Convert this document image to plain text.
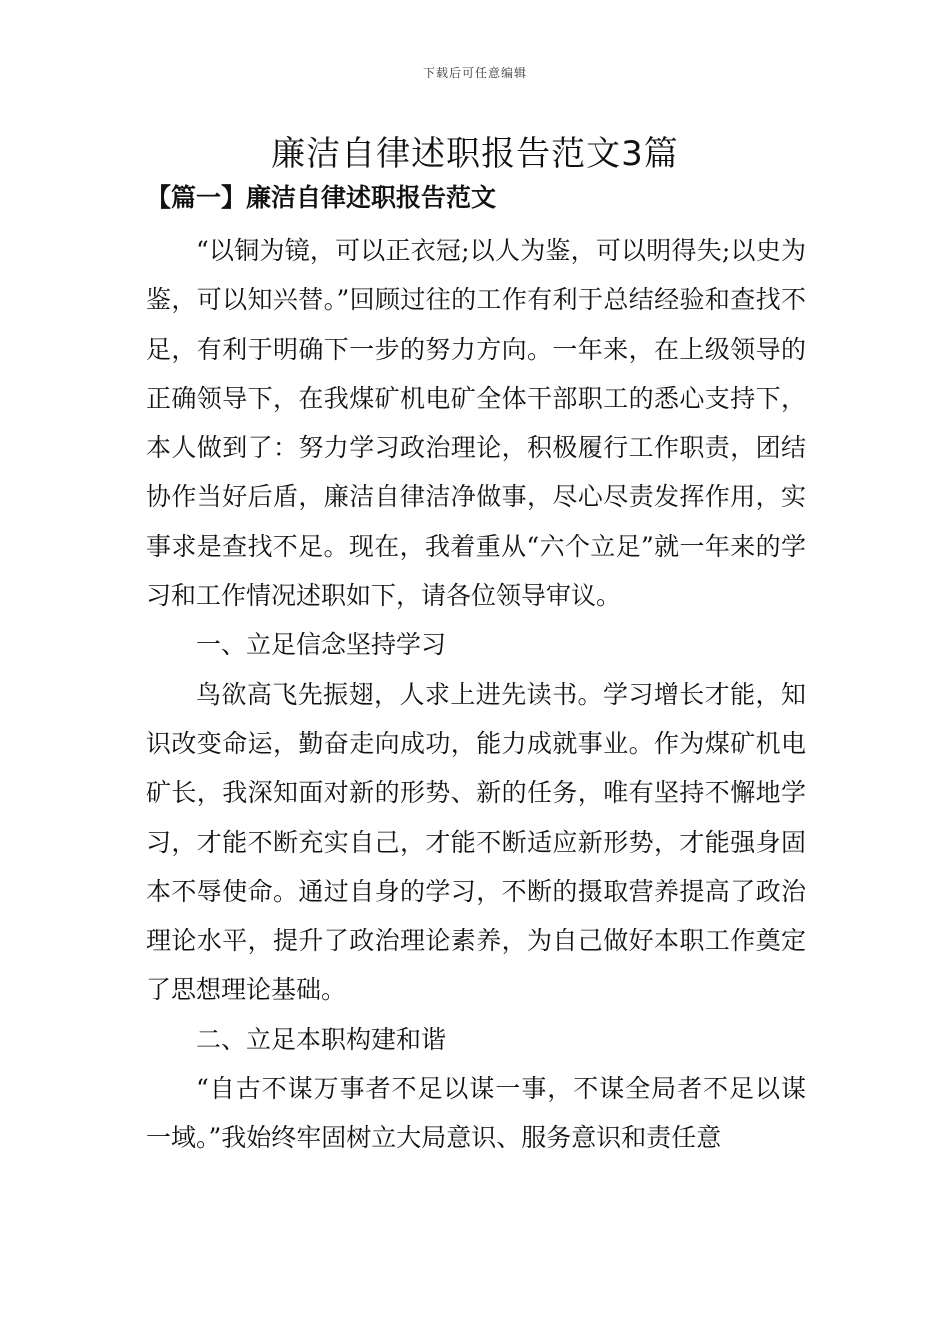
下载后可任意编辑
廉洁自律述职报告范文3篇
【篇一】廉洁自律述职报告范文

“以铜为镜，可以正衣冠;以人为鉴，可以明得失;以史为鉴，可以知兴替。”回顾过往的工作有利于总结经验和查找不足，有利于明确下一步的努力方向。一年来，在上级领导的正确领导下，在我煤矿机电矿全体干部职工的悉心支持下，本人做到了：努力学习政治理论，积极履行工作职责，团结协作当好后盾，廉洁自律洁净做事，尽心尽责发挥作用，实事求是查找不足。现在，我着重从“六个立足”就一年来的学习和工作情况述职如下，请各位领导审议。

一、立足信念坚持学习

鸟欲高飞先振翅，人求上进先读书。学习增长才能，知识改变命运，勤奋走向成功，能力成就事业。作为煤矿机电矿长，我深知面对新的形势、新的任务，唯有坚持不懈地学习，才能不断充实自己，才能不断适应新形势，才能强身固本不辱使命。通过自身的学习，不断的摄取营养提高了政治理论水平，提升了政治理论素养，为自己做好本职工作奠定了思想理论基础。

二、立足本职构建和谐

“自古不谋万事者不足以谋一事，不谋全局者不足以谋一域。”我始终牢固树立大局意识、服务意识和责任意
